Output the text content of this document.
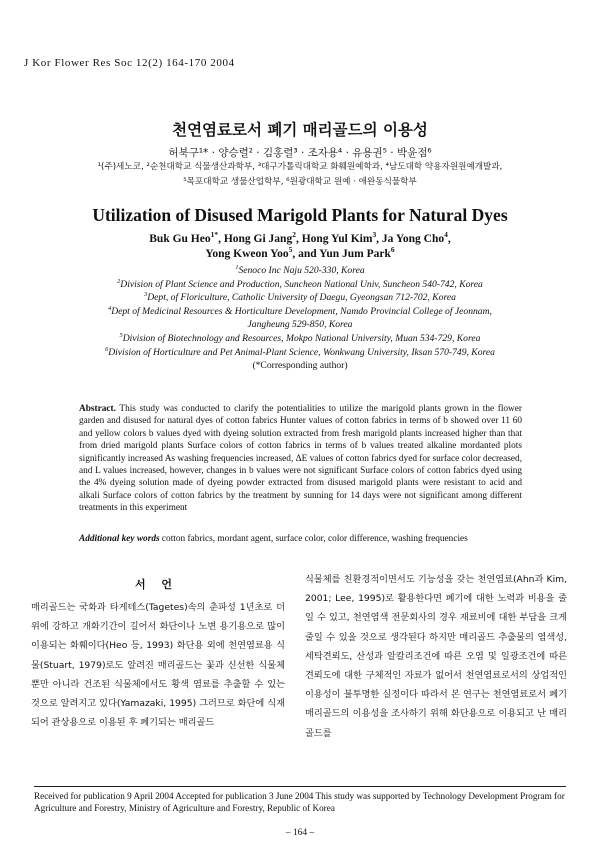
J Kor Flower Res Soc 12(2) 164-170 2004
천연염료로서 폐기 매리골드의 이용성
허북구¹* · 양승렬² · 김홍렬³ · 조자용⁴ · 유용권⁵ · 박윤점⁶
¹(주)세노코, ²순천대학교 식물생산과학부, ³대구가톨릭대학교 화훼원예학과, ⁴남도대학 약용자원원예개발과,
⁵목포대학교 생물산업학부, ⁶원광대학교 원예 · 애완동식물학부
Utilization of Disused Marigold Plants for Natural Dyes
Buk Gu Heo$^{1*}$, Hong Gi Jang$^2$, Hong Yul Kim$^3$, Ja Yong Cho$^4$,
Yong Kweon Yoo$^5$, and Yun Jum Park$^6$
$^1$Senoco Inc Naju 520-330, Korea
$^2$Division of Plant Science and Production, Suncheon National Univ, Suncheon 540-742, Korea
$^3$Dept, of Floriculture, Catholic University of Daegu, Gyeongsan 712-702, Korea
$^4$Dept of Medicinal Resources & Horticulture Development, Namdo Provincial College of Jeonnam,
Jangheung 529-850, Korea
$^5$Division of Biotechnology and Resources, Mokpo National University, Muan 534-729, Korea
$^6$Division of Horticulture and Pet Animal-Plant Science, Wonkwang University, Iksan 570-749, Korea
(*Corresponding author)
Abstract. This study was conducted to clarify the potentialities to utilize the marigold plants grown in the flower garden and disused for natural dyes of cotton fabrics Hunter values of cotton fabrics in terms of b showed over 11 60 and yellow colors b values dyed with dyeing solution extracted from fresh marigold plants increased higher than that from dried marigold plants Surface colors of cotton fabrics in terms of b values treated alkaline mordanted plots significantly increased As washing frequencies increased, ΔE values of cotton fabrics dyed for surface color decreased, and L values increased, however, changes in b values were not significant Surface colors of cotton fabrics dyed using the 4% dyeing solution made of dyeing powder extracted from disused marigold plants were resistant to acid and alkali Surface colors of cotton fabrics by the treatment by sunning for 14 days were not significant among different treatments in this experiment
Additional key words cotton fabrics, mordant agent, surface color, color difference, washing frequencies
서 언
매리골드는 국화과 타게테스(Tagetes)속의 춘파성 1년초로 더위에 강하고 개화기간이 길어서 화단이나 노변 용기용으로 많이 이용되는 화훼이다(Heo 등, 1993) 화단용 외에 천연염료용 식물(Stuart, 1979)로도 알려진 매리골드는 꽃과 신선한 식물체뿐만 아니라 건조된 식물체에서도 황색 염료를 추출할 수 있는 것으로 알려지고 있다(Yamazaki, 1995) 그러므로 화단에 식재되어 관상용으로 이용된 후 폐기되는 매리골드
식물체를 친환경적이면서도 기능성을 갖는 천연염료(Ahn과 Kim, 2001; Lee, 1995)로 활용한다면 폐기에 대한 노력과 비용을 줄일 수 있고, 천연염색 전문회사의 경우 재료비에 대한 부담을 크게 줄일 수 있을 것으로 생각된다 하지만 매리골드 추출물의 염색성, 세탁견뢰도, 산성과 알칼리조건에 따른 오염 및 일광조건에 따른 견뢰도에 대한 구체적인 자료가 없어서 천연염료로서의 상업적인 이용성이 불투명한 실정이다 따라서 본 연구는 천연염료로서 폐기 매리골드의 이용성을 조사하기 위해 화단용으로 이용되고 난 매리골드를
Received for publication 9 April 2004 Accepted for publication 3 June 2004 This study was supported by Technology Development Program for Agriculture and Forestry, Ministry of Agriculture and Forestry, Republic of Korea
– 164 –
